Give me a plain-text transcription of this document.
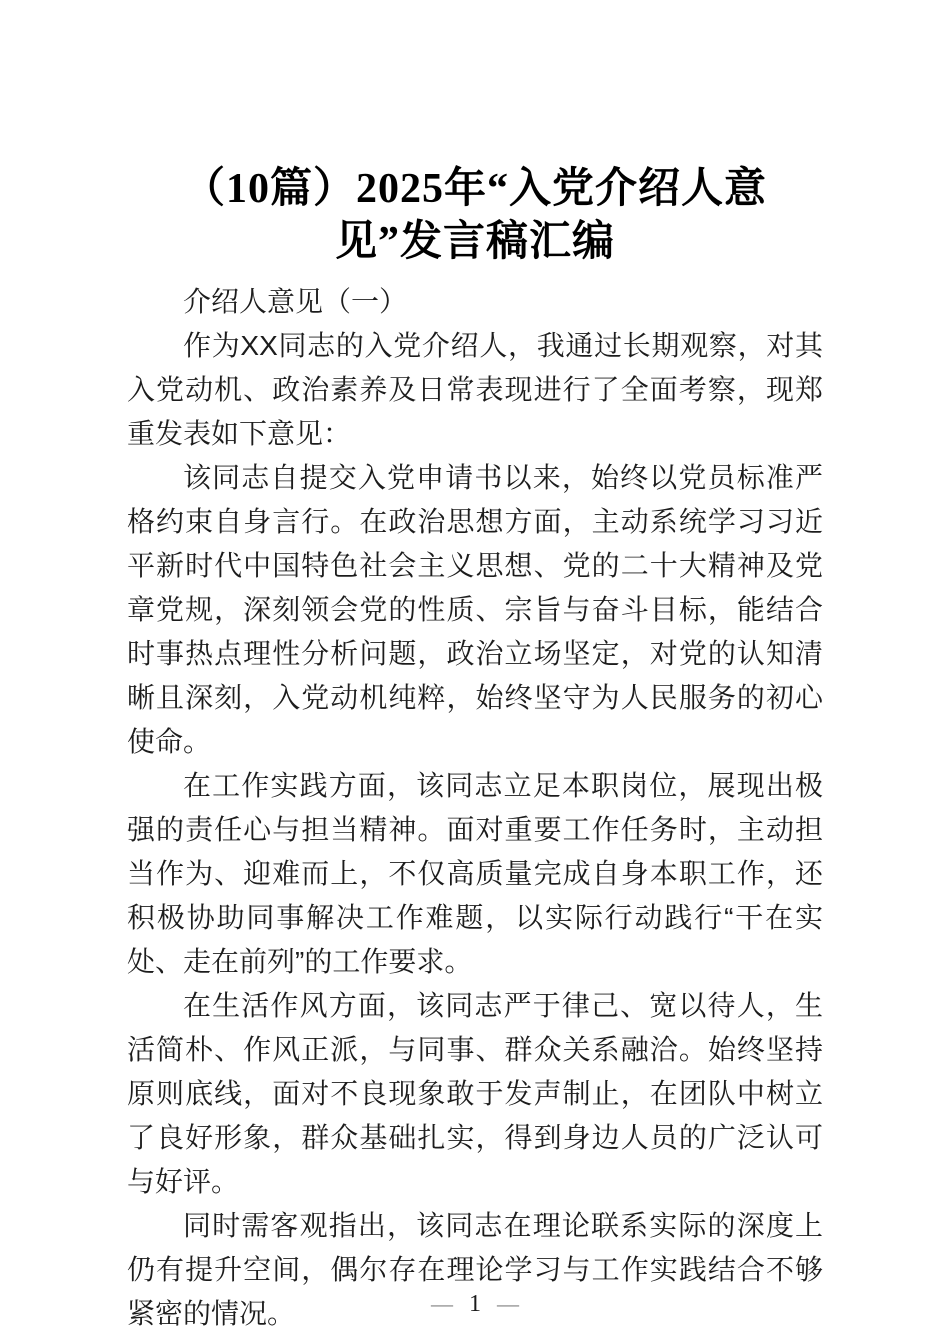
（10篇）2025年“入党介绍人意
见”发言稿汇编
介绍人意见（一）

作为XX同志的入党介绍人，我通过长期观察，对其入党动机、政治素养及日常表现进行了全面考察，现郑重发表如下意见：

该同志自提交入党申请书以来，始终以党员标准严格约束自身言行。在政治思想方面，主动系统学习习近平新时代中国特色社会主义思想、党的二十大精神及党章党规，深刻领会党的性质、宗旨与奋斗目标，能结合时事热点理性分析问题，政治立场坚定，对党的认知清晰且深刻，入党动机纯粹，始终坚守为人民服务的初心使命。

在工作实践方面，该同志立足本职岗位，展现出极强的责任心与担当精神。面对重要工作任务时，主动担当作为、迎难而上，不仅高质量完成自身本职工作，还积极协助同事解决工作难题，以实际行动践行“干在实处、走在前列”的工作要求。

在生活作风方面，该同志严于律己、宽以待人，生活简朴、作风正派，与同事、群众关系融洽。始终坚持原则底线，面对不良现象敢于发声制止，在团队中树立了良好形象，群众基础扎实，得到身边人员的广泛认可与好评。

同时需客观指出，该同志在理论联系实际的深度上仍有提升空间，偶尔存在理论学习与工作实践结合不够紧密的情况。	— 1 —
